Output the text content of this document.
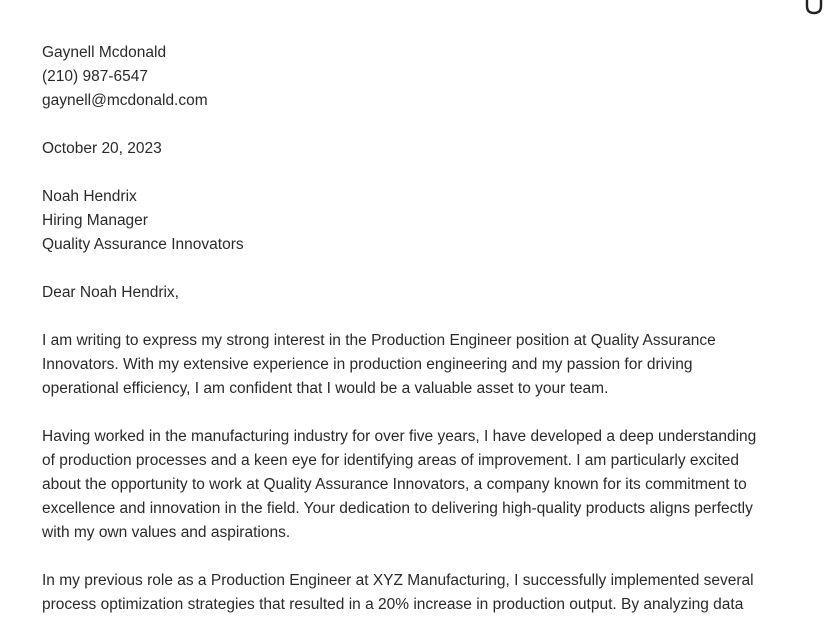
Gaynell Mcdonald
(210) 987-6547
gaynell@mcdonald.com
October 20, 2023
Noah Hendrix
Hiring Manager
Quality Assurance Innovators
Dear Noah Hendrix,
I am writing to express my strong interest in the Production Engineer position at Quality Assurance
Innovators. With my extensive experience in production engineering and my passion for driving
operational efficiency, I am confident that I would be a valuable asset to your team.
Having worked in the manufacturing industry for over five years, I have developed a deep understanding
of production processes and a keen eye for identifying areas of improvement. I am particularly excited
about the opportunity to work at Quality Assurance Innovators, a company known for its commitment to
excellence and innovation in the field. Your dedication to delivering high-quality products aligns perfectly
with my own values and aspirations.
In my previous role as a Production Engineer at XYZ Manufacturing, I successfully implemented several
process optimization strategies that resulted in a 20% increase in production output. By analyzing data
